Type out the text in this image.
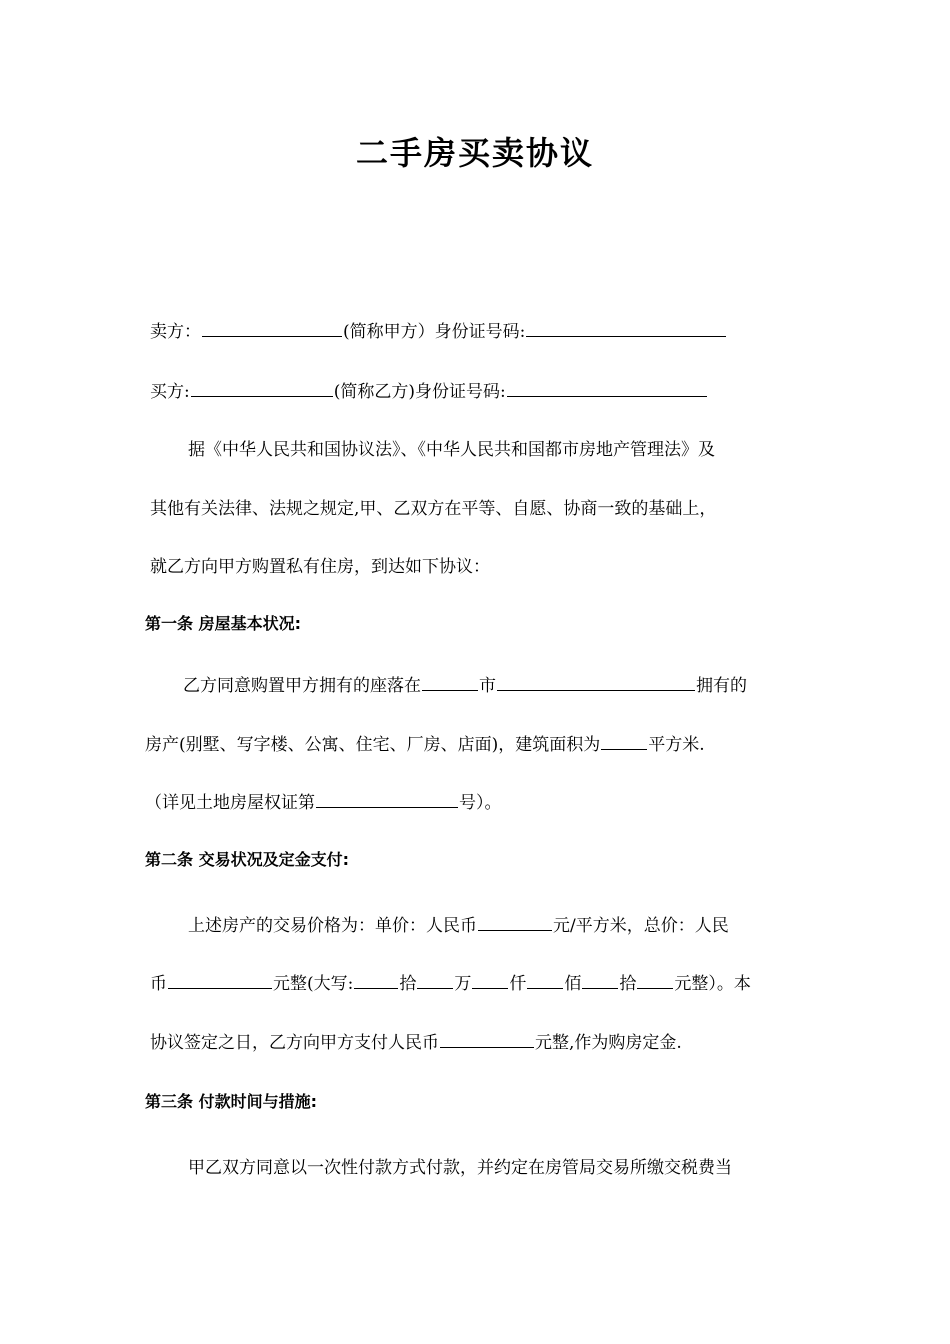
二手房买卖协议
卖方：	(简称甲方）身份证号码:
买方:	(简称乙方)身份证号码:
据《中华人民共和国协议法》、《中华人民共和国都市房地产管理法》及
其他有关法律、法规之规定,甲、乙双方在平等、自愿、协商一致的基础上，
就乙方向甲方购置私有住房，到达如下协议：
第一条 房屋基本状况:
乙方同意购置甲方拥有的座落在	市	拥有的
房产(别墅、写字楼、公寓、住宅、厂房、店面)，建筑面积为	平方米.
（详见土地房屋权证第	号）。
第二条 交易状况及定金支付:
上述房产的交易价格为：单价：人民币	元/平方米，总价：人民
币	元整(大写:	拾 万 仟 佰 拾 元整）。本
协议签定之日，乙方向甲方支付人民币	元整,作为购房定金.
第三条 付款时间与措施:
甲乙双方同意以一次性付款方式付款，并约定在房管局交易所缴交税费当
